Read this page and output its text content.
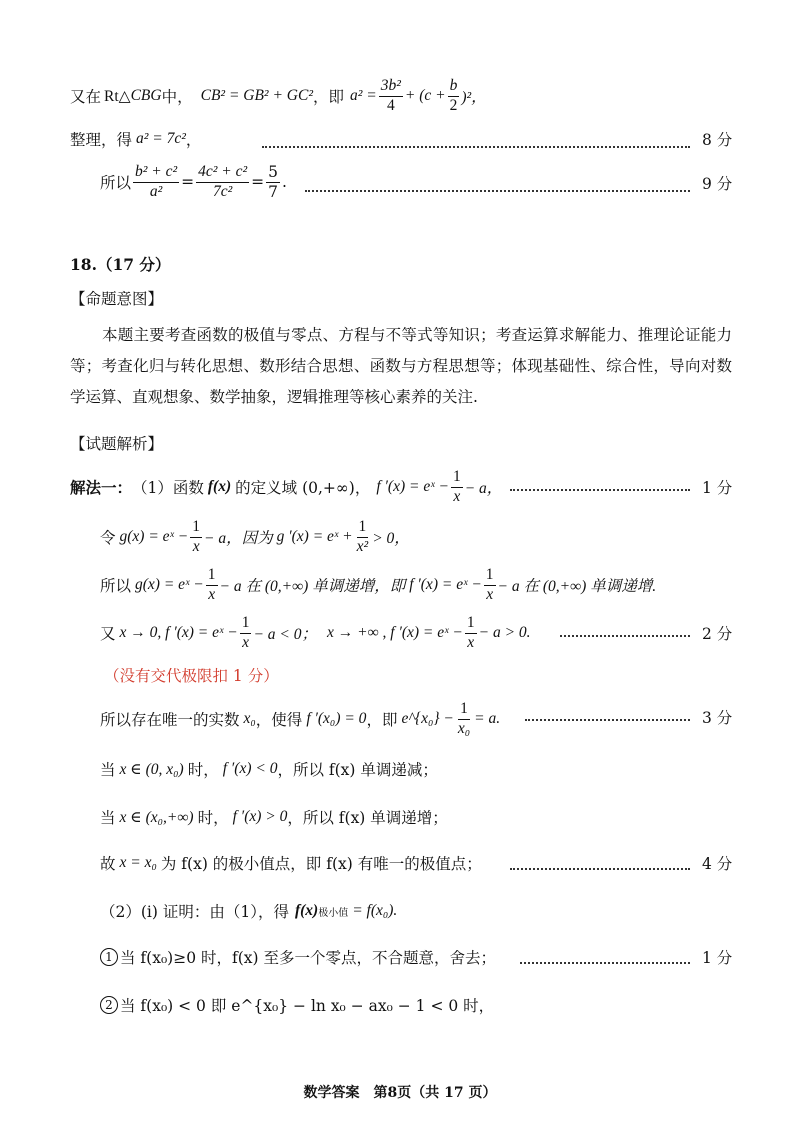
又在 Rt△ CBG 中， CB² = GB² + GC² ，即 $a^2 = \frac{\text{3b²}}{4} + (c + \frac{b}{2} )^2$，
整理，得 a² = 7c² ，	8 分
所以 $\frac{\text{b² + c²}}{\text{a²}} = \frac{\text{4c² + c²}}{\text{7c²}} = \frac{5}{7}$ .	9 分
18.（17 分）
【命题意图】
本题主要考查函数的极值与零点、方程与不等式等知识；考查运算求解能力、推理论证能力等；考查化归与转化思想、数形结合思想、函数与方程思想等；体现基础性、综合性，导向对数学运算、直观想象、数学抽象，逻辑推理等核心素养的关注.
【试题解析】
解法一： （1）函数 f(x) 的定义域 (0,+∞)， f ′(x) = eˣ − $\frac{1}{x} - a$，	1 分
令 g(x) = eˣ − $\frac{1}{x} - a$，因为 g ′(x) = eˣ + $\frac{1}{\text{x²}} > 0$，
所以 g(x) = eˣ − $\frac{1}{x} - a$ 在 (0,+∞) 单调递增，即 f ′(x) = eˣ − $\frac{1}{x} - a$ 在 (0,+∞) 单调递增.
又 x → 0, f ′(x) = eˣ − $\frac{1}{x} - a < 0$； x → +∞ , f ′(x) = eˣ − $\frac{1}{x} - a > 0$.	2 分
（没有交代极限扣 1 分）
所以存在唯一的实数 x₀ ，使得 f ′(x₀) = 0 ，即 e^{x₀} − $\frac{1}{\text{x₀}} = a$.	3 分
当 x ∈ (0, x₀) 时， f ′(x) < 0 ，所以 f(x) 单调递减；
当 x ∈ (x₀,+∞) 时， f ′(x) > 0 ，所以 f(x) 单调递增；
故 x = x₀ 为 f(x) 的极小值点，即 f(x) 有唯一的极值点；	4 分
（2）(i) 证明：由（1），得 f(x) 极小值 = f(x₀).
1 当 f(x₀)≥0 时，f(x) 至多一个零点，不合题意，舍去；	1 分
2 当 f(x₀) < 0 即 e^{x₀} − ln x₀ − ax₀ − 1 < 0 时，
数学答案　第8页（共 17 页）
